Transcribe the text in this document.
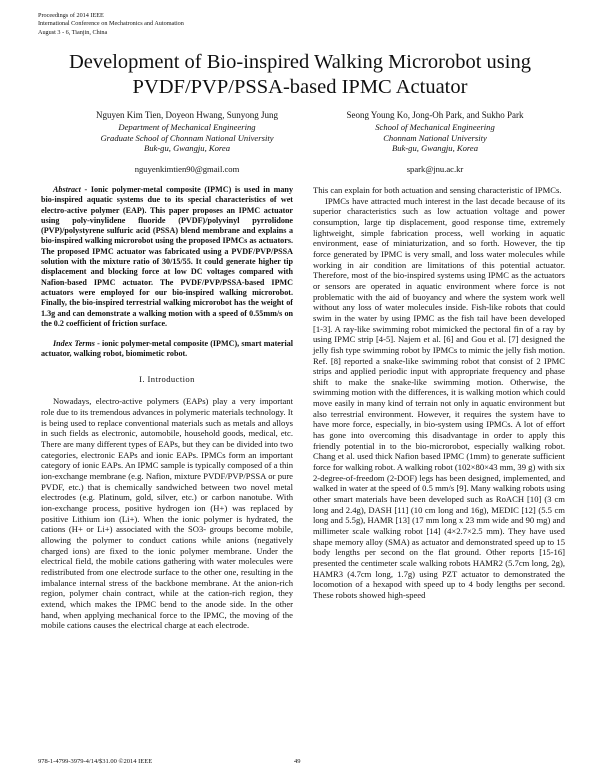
Proceedings of 2014 IEEE
International Conference on Mechatronics and Automation
August 3 - 6, Tianjin, China
Development of Bio-inspired Walking Microrobot using
PVDF/PVP/PSSA-based IPMC Actuator
Nguyen Kim Tien, Doyeon Hwang, Sunyong Jung
Department of Mechanical Engineering
Graduate School of Chonnam National University
Buk-gu, Gwangju, Korea
nguyenkimtien90@gmail.com
Seong Young Ko, Jong-Oh Park, and Sukho Park
School of Mechanical Engineering
Chonnam National University
Buk-gu, Gwangju, Korea
spark@jnu.ac.kr

Abstract - Ionic polymer-metal composite (IPMC) is used in many bio-inspired aquatic systems due to its special characteristics of wet electro-active polymer (EAP). This paper proposes an IPMC actuator using poly-vinylidene fluoride (PVDF)/polyvinyl pyrrolidone (PVP)/polystyrene sulfuric acid (PSSA) blend membrane and explains a bio-inspired walking microrobot using the proposed IPMCs as actuators. The proposed IPMC actuator was fabricated using a PVDF/PVP/PSSA solution with the mixture ratio of 30/15/55. It could generate higher tip displacement and blocking force at low DC voltages compared with Nafion-based IPMC actuator. The PVDF/PVP/PSSA-based IPMC actuators were employed for our bio-inspired walking microrobot. Finally, the bio-inspired terrestrial walking microrobot has the weight of 1.3g and can demonstrate a walking motion with a speed of 0.55mm/s on the 0.2 coefficient of friction surface.

Index Terms - ionic polymer-metal composite (IPMC), smart material actuator, walking robot, biomimetic robot.

I. Introduction

Nowadays, electro-active polymers (EAPs) play a very important role due to its tremendous advances in polymeric materials technology. It is being used to replace conventional materials such as metals and alloys in such fields as electronic, automobile, household goods, medical, etc. There are many different types of EAPs, but they can be divided into two categories, electronic EAPs and ionic EAPs. IPMCs form an important category of ionic EAPs. An IPMC sample is typically composed of a thin ion-exchange membrane (e.g. Nafion, mixture PVDF/PVP/PSSA or pure PVDF, etc.) that is chemically sandwiched between two novel metal electrodes (e.g. Platinum, gold, silver, etc.) or carbon nanotube. With ion-exchange process, positive hydrogen ion (H+) was replaced by positive Lithium ion (Li+). When the ionic polymer is hydrated, the cations (H+ or Li+) associated with the SO3- groups become mobile, allowing the polymer to conduct cations while anions (negatively charged ions) are fixed to the ionic polymer membrane. Under the electrical field, the mobile cations gathering with water molecules were redistributed from one electrode surface to the other one, resulting in the imbalance internal stress of the backbone membrane. At the anion-rich region, polymer chain contract, while at the cation-rich region, they extend, which makes the IPMC bend to the anode side. In the other hand, when applying mechanical force to the IPMC, the moving of the mobile cations causes the electrical charge at each electrode.

This can explain for both actuation and sensing characteristic of IPMCs.

IPMCs have attracted much interest in the last decade because of its superior characteristics such as low actuation voltage and power consumption, large tip displacement, good response time, extremely lightweight, simple fabrication process, well working in aquatic environment, ease of miniaturization, and so forth. However, the tip force generated by IPMC is very small, and loss water molecules while working in air condition are limitations of this potential actuator. Therefore, most of the bio-inspired systems using IPMC as the actuators or sensors are operated in aquatic environment where force is not problematic with the aid of buoyancy and where the system work well without any loss of water molecules inside. Fish-like robots that could swim in the water by using IPMC as the fish tail have been developed [1-3]. A ray-like swimming robot mimicked the pectoral fin of a ray by using IPMC strip [4-5]. Najem et al. [6] and Gou et al. [7] designed the jelly fish type swimming robot by IPMCs to mimic the jelly fish motion. Ref. [8] reported a snake-like swimming robot that consist of 2 IPMC strips and applied periodic input with appropriate frequency and phase shift to make the snake-like swimming motion. Otherwise, the swimming motion with the differences, it is walking motion which could move easily in many kind of terrain not only in aquatic environment but also terrestrial environment. However, it requires the system have to have more force, especially, in bio-system using IPMCs. A lot of effort has gone into overcoming this disadvantage in order to apply this friendly potential in to the bio-microrobot, especially walking robot. Chang et al. used thick Nafion based IPMC (1mm) to generate sufficient force for walking robot. A walking robot (102×80×43 mm, 39 g) with six 2-degree-of-freedom (2-DOF) legs has been designed, implemented, and walked in water at the speed of 0.5 mm/s [9]. Many walking robots using other smart materials have been developed such as RoACH [10] (3 cm long and 2.4g), DASH [11] (10 cm long and 16g), MEDIC [12] (5.5 cm long and 5.5g), HAMR [13] (17 mm long x 23 mm wide and 90 mg) and millimeter scale walking robot [14] (4×2.7×2.5 mm). They have used shape memory alloy (SMA) as actuator and demonstrated speed up to 15 body lengths per second on the flat ground. Other reports [15-16] presented the centimeter scale walking robots HAMR2 (5.7cm long, 2g), HAMR3 (4.7cm long, 1.7g) using PZT actuator to demonstrated the locomotion of a hexapod with speed up to 4 body lengths per second. These robots showed high-speed

978-1-4799-3979-4/14/$31.00 ©2014 IEEE	49
